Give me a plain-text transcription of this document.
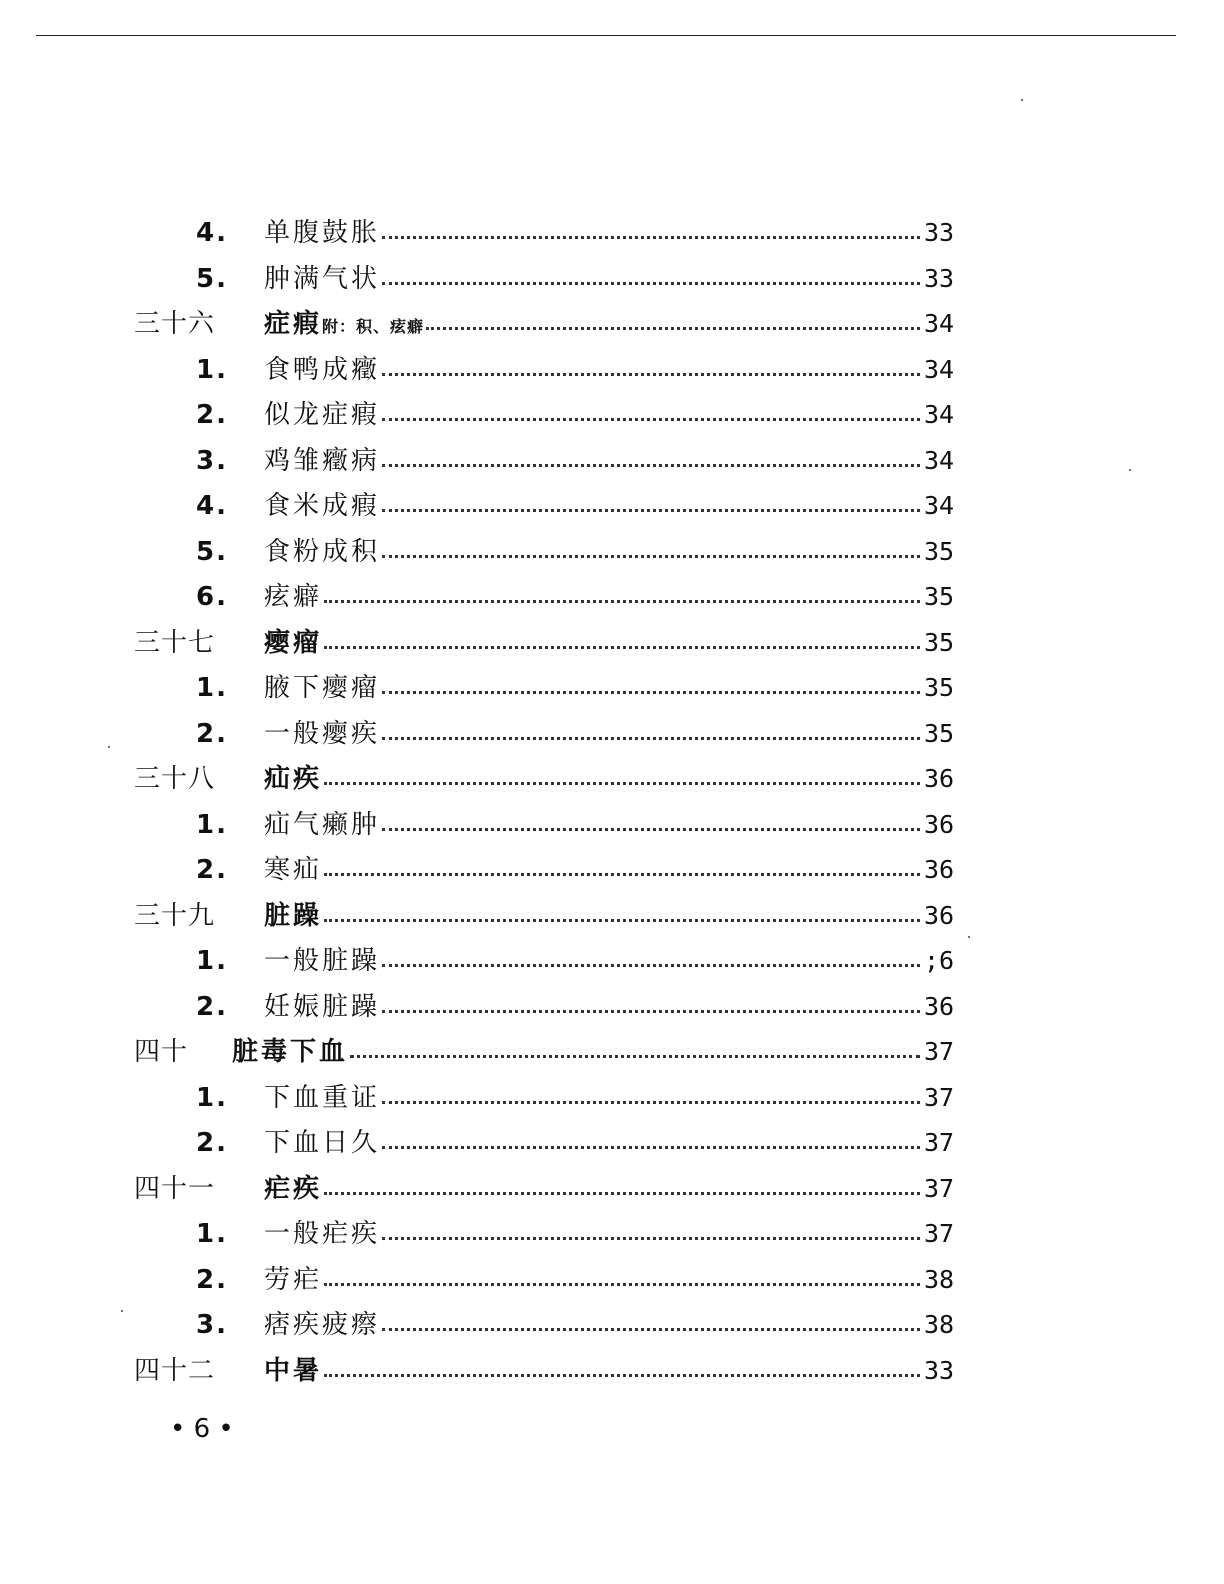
4. 单腹鼓胀	33
5. 肿满气状	33
三十六 症瘕附：积、痃癖	34
1. 食鸭成癥	34
2. 似龙症瘕	34
3. 鸡雏癥病	34
4. 食米成瘕	34
5. 食粉成积	35
6. 痃癖	35
三十七 瘿瘤	35
1. 腋下瘿瘤	35
2. 一般瘿疾	35
三十八 疝疾	36
1. 疝气癞肿	36
2. 寒疝	36
三十九 脏躁	36
1. 一般脏躁	;6
2. 妊娠脏躁	36
四十 脏毒下血	37
1. 下血重证	37
2. 下血日久	37
四十一 疟疾	37
1. 一般疟疾	37
2. 劳疟	38
3. 痞疾疲瘵	38
四十二 中暑	33
• 6 •
